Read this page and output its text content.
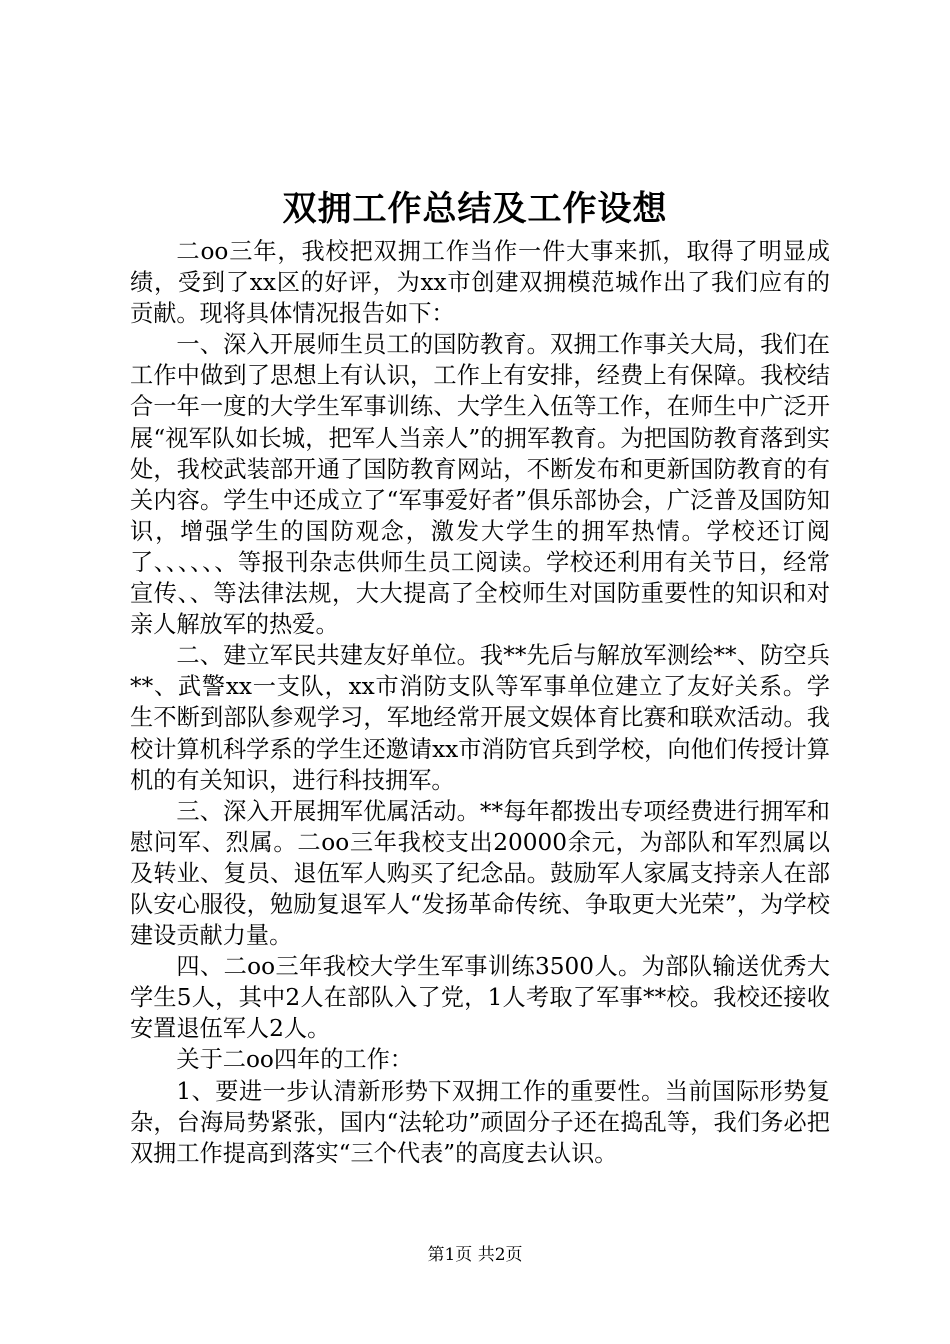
双拥工作总结及工作设想

二oo三年，我校把双拥工作当作一件大事来抓，取得了明显成绩，受到了xx区的好评，为xx市创建双拥模范城作出了我们应有的贡献。现将具体情况报告如下：

一、深入开展师生员工的国防教育。双拥工作事关大局，我们在工作中做到了思想上有认识，工作上有安排，经费上有保障。我校结合一年一度的大学生军事训练、大学生入伍等工作，在师生中广泛开展“视军队如长城，把军人当亲人”的拥军教育。为把国防教育落到实处，我校武装部开通了国防教育网站，不断发布和更新国防教育的有关内容。学生中还成立了“军事爱好者”俱乐部协会，广泛普及国防知识，增强学生的国防观念，激发大学生的拥军热情。学校还订阅了、、、、、、等报刊杂志供师生员工阅读。学校还利用有关节日，经常宣传、、等法律法规，大大提高了全校师生对国防重要性的知识和对亲人解放军的热爱。

二、建立军民共建友好单位。我**先后与解放军测绘**、防空兵**、武警xx一支队，xx市消防支队等军事单位建立了友好关系。学生不断到部队参观学习，军地经常开展文娱体育比赛和联欢活动。我校计算机科学系的学生还邀请xx市消防官兵到学校，向他们传授计算机的有关知识，进行科技拥军。

三、深入开展拥军优属活动。**每年都拨出专项经费进行拥军和慰问军、烈属。二oo三年我校支出20000余元，为部队和军烈属以及转业、复员、退伍军人购买了纪念品。鼓励军人家属支持亲人在部队安心服役，勉励复退军人“发扬革命传统、争取更大光荣”，为学校建设贡献力量。

四、二oo三年我校大学生军事训练3500人。为部队输送优秀大学生5人，其中2人在部队入了党，1人考取了军事**校。我校还接收安置退伍军人2人。

关于二oo四年的工作：

1、要进一步认清新形势下双拥工作的重要性。当前国际形势复杂，台海局势紧张，国内“法轮功”顽固分子还在捣乱等，我们务必把双拥工作提高到落实“三个代表”的高度去认识。

第1页 共2页
